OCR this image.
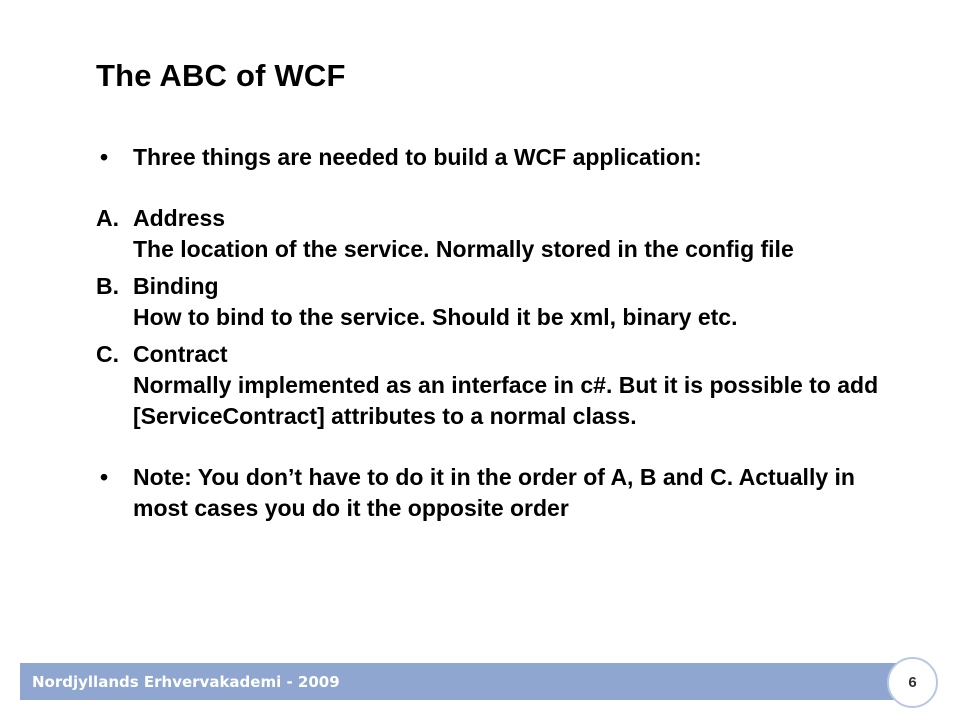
The ABC of WCF
•	Three things are needed to build a WCF application:
A. Address
The location of the service. Normally stored in the config file
B. Binding
How to bind to the service. Should it be xml, binary etc.
C. Contract
Normally implemented as an interface in c#. But it is possible to add [ServiceContract] attributes to a normal class.
•	Note: You don’t have to do it in the order of A, B and C. Actually in most cases you do it the opposite order
Nordjyllands Erhvervakademi - 2009	6
